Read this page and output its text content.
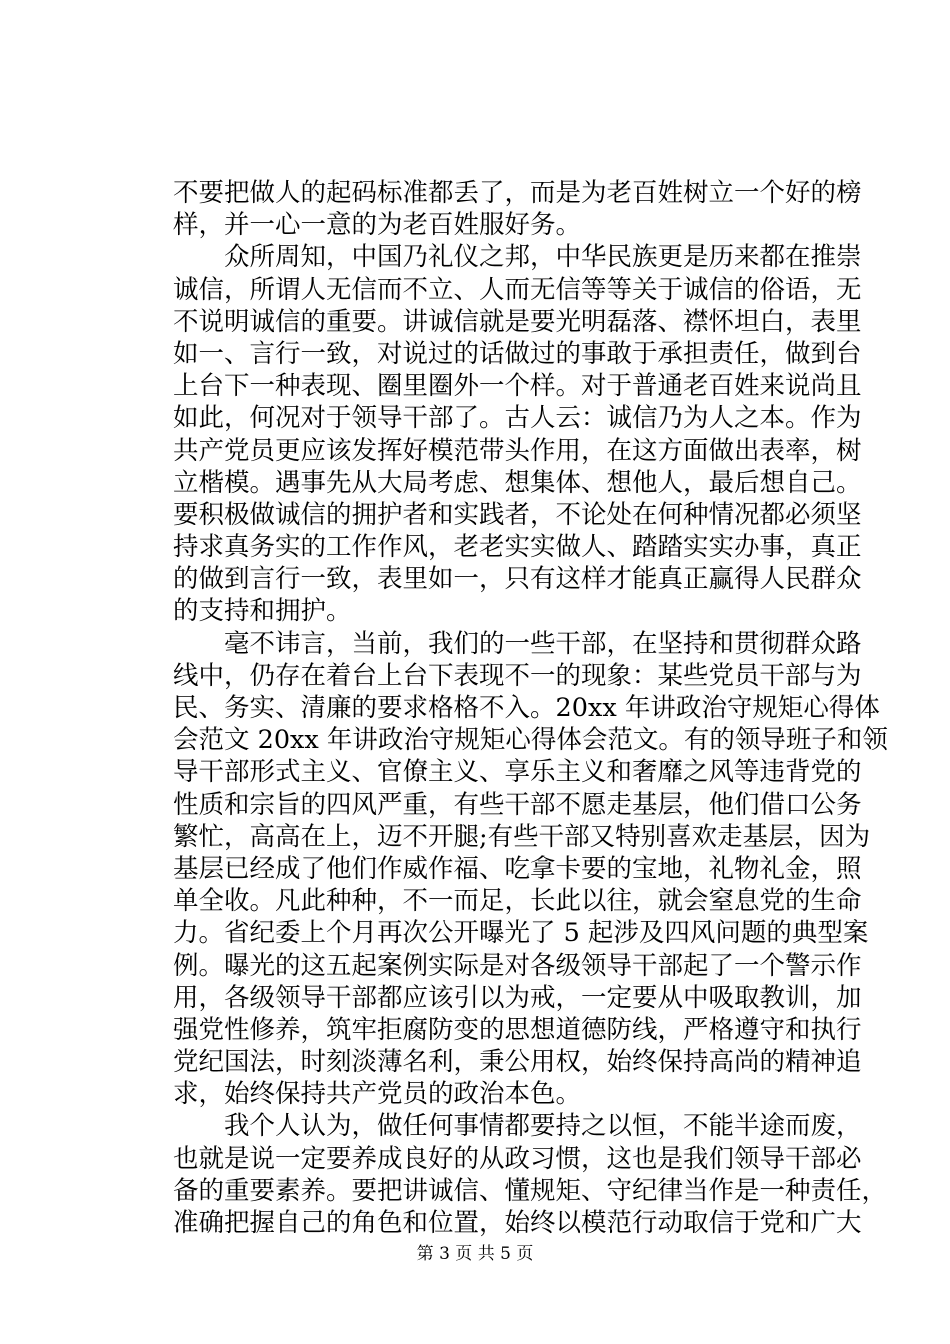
不要把做人的起码标准都丢了，而是为老百姓树立一个好的榜
样，并一心一意的为老百姓服好务。
　　众所周知，中国乃礼仪之邦，中华民族更是历来都在推崇
诚信，所谓人无信而不立、人而无信等等关于诚信的俗语，无
不说明诚信的重要。讲诚信就是要光明磊落、襟怀坦白，表里
如一、言行一致，对说过的话做过的事敢于承担责任，做到台
上台下一种表现、圈里圈外一个样。对于普通老百姓来说尚且
如此，何况对于领导干部了。古人云：诚信乃为人之本。作为
共产党员更应该发挥好模范带头作用，在这方面做出表率，树
立楷模。遇事先从大局考虑、想集体、想他人，最后想自己。
要积极做诚信的拥护者和实践者，不论处在何种情况都必须坚
持求真务实的工作作风，老老实实做人、踏踏实实办事，真正
的做到言行一致，表里如一，只有这样才能真正赢得人民群众
的支持和拥护。
　　毫不讳言，当前，我们的一些干部，在坚持和贯彻群众路
线中，仍存在着台上台下表现不一的现象：某些党员干部与为
民、务实、清廉的要求格格不入。20xx 年讲政治守规矩心得体
会范文 20xx 年讲政治守规矩心得体会范文。有的领导班子和领
导干部形式主义、官僚主义、享乐主义和奢靡之风等违背党的
性质和宗旨的四风严重，有些干部不愿走基层，他们借口公务
繁忙，高高在上，迈不开腿;有些干部又特别喜欢走基层，因为
基层已经成了他们作威作福、吃拿卡要的宝地，礼物礼金，照
单全收。凡此种种，不一而足，长此以往，就会窒息党的生命
力。省纪委上个月再次公开曝光了 5 起涉及四风问题的典型案
例。曝光的这五起案例实际是对各级领导干部起了一个警示作
用，各级领导干部都应该引以为戒，一定要从中吸取教训，加
强党性修养，筑牢拒腐防变的思想道德防线，严格遵守和执行
党纪国法，时刻淡薄名利，秉公用权，始终保持高尚的精神追
求，始终保持共产党员的政治本色。
　　我个人认为，做任何事情都要持之以恒，不能半途而废，
也就是说一定要养成良好的从政习惯，这也是我们领导干部必
备的重要素养。要把讲诚信、懂规矩、守纪律当作是一种责任，
准确把握自己的角色和位置，始终以模范行动取信于党和广大
第 3 页 共 5 页
